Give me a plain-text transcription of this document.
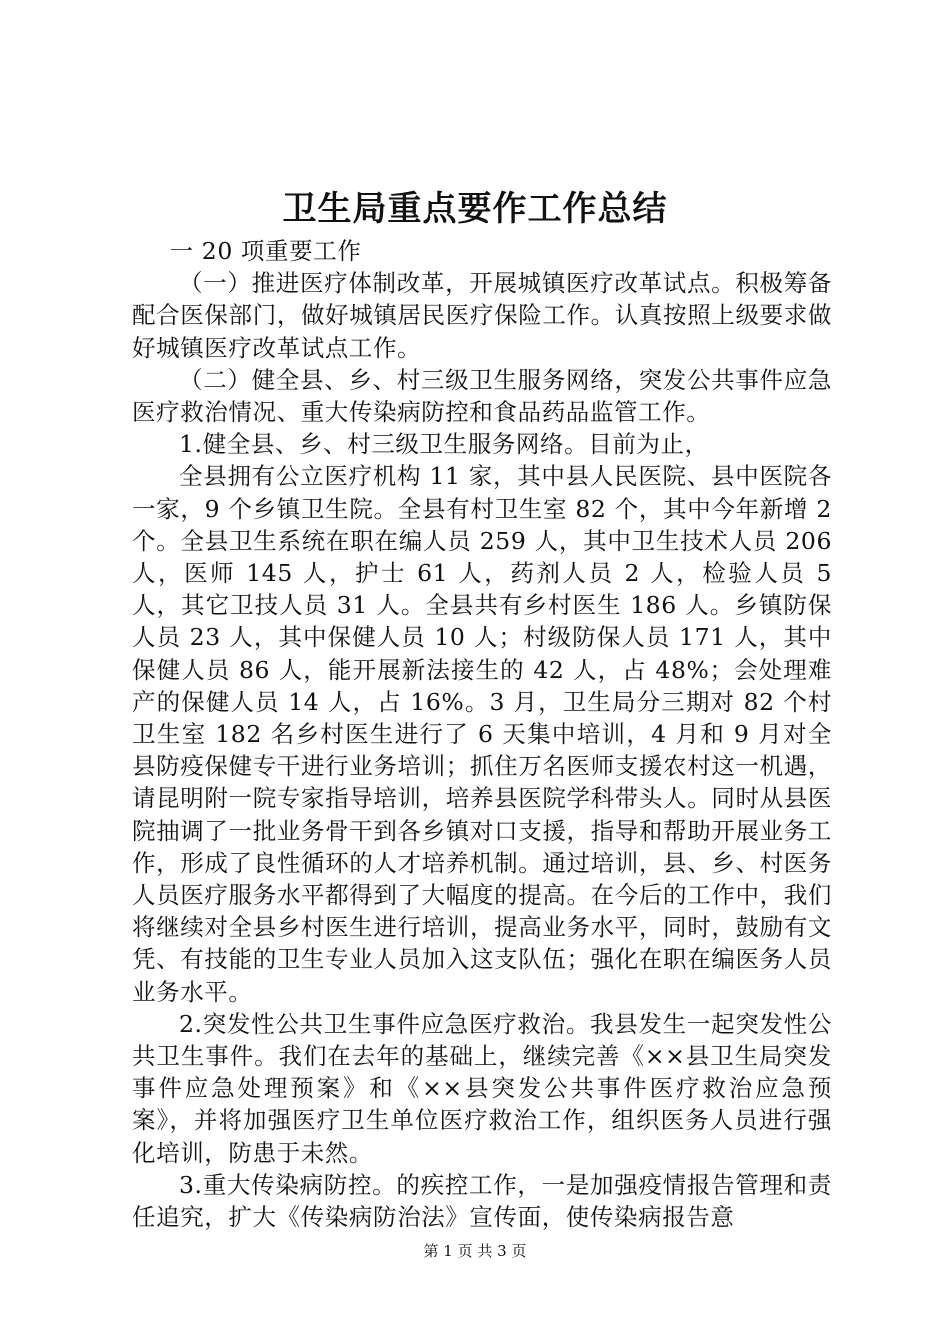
卫生局重点要作工作总结

一 20 项重要工作

（一）推进医疗体制改革，开展城镇医疗改革试点。积极筹备配合医保部门，做好城镇居民医疗保险工作。认真按照上级要求做好城镇医疗改革试点工作。

（二）健全县、乡、村三级卫生服务网络，突发公共事件应急医疗救治情况、重大传染病防控和食品药品监管工作。

1.健全县、乡、村三级卫生服务网络。目前为止，

全县拥有公立医疗机构 11 家，其中县人民医院、县中医院各一家，9 个乡镇卫生院。全县有村卫生室 82 个，其中今年新增 2 个。全县卫生系统在职在编人员 259 人，其中卫生技术人员 206 人，医师 145 人，护士 61 人，药剂人员 2 人，检验人员 5 人，其它卫技人员 31 人。全县共有乡村医生 186 人。乡镇防保人员 23 人，其中保健人员 10 人；村级防保人员 171 人，其中保健人员 86 人，能开展新法接生的 42 人，占 48%；会处理难产的保健人员 14 人，占 16%。3 月，卫生局分三期对 82 个村卫生室 182 名乡村医生进行了 6 天集中培训，4 月和 9 月对全县防疫保健专干进行业务培训；抓住万名医师支援农村这一机遇，请昆明附一院专家指导培训，培养县医院学科带头人。同时从县医院抽调了一批业务骨干到各乡镇对口支援，指导和帮助开展业务工作，形成了良性循环的人才培养机制。通过培训，县、乡、村医务人员医疗服务水平都得到了大幅度的提高。在今后的工作中，我们将继续对全县乡村医生进行培训，提高业务水平，同时，鼓励有文凭、有技能的卫生专业人员加入这支队伍；强化在职在编医务人员业务水平。

2.突发性公共卫生事件应急医疗救治。我县发生一起突发性公共卫生事件。我们在去年的基础上，继续完善《××县卫生局突发事件应急处理预案》和《××县突发公共事件医疗救治应急预案》，并将加强医疗卫生单位医疗救治工作，组织医务人员进行强化培训，防患于未然。

3.重大传染病防控。的疾控工作，一是加强疫情报告管理和责任追究，扩大《传染病防治法》宣传面，使传染病报告意

第 1 页 共 3 页
